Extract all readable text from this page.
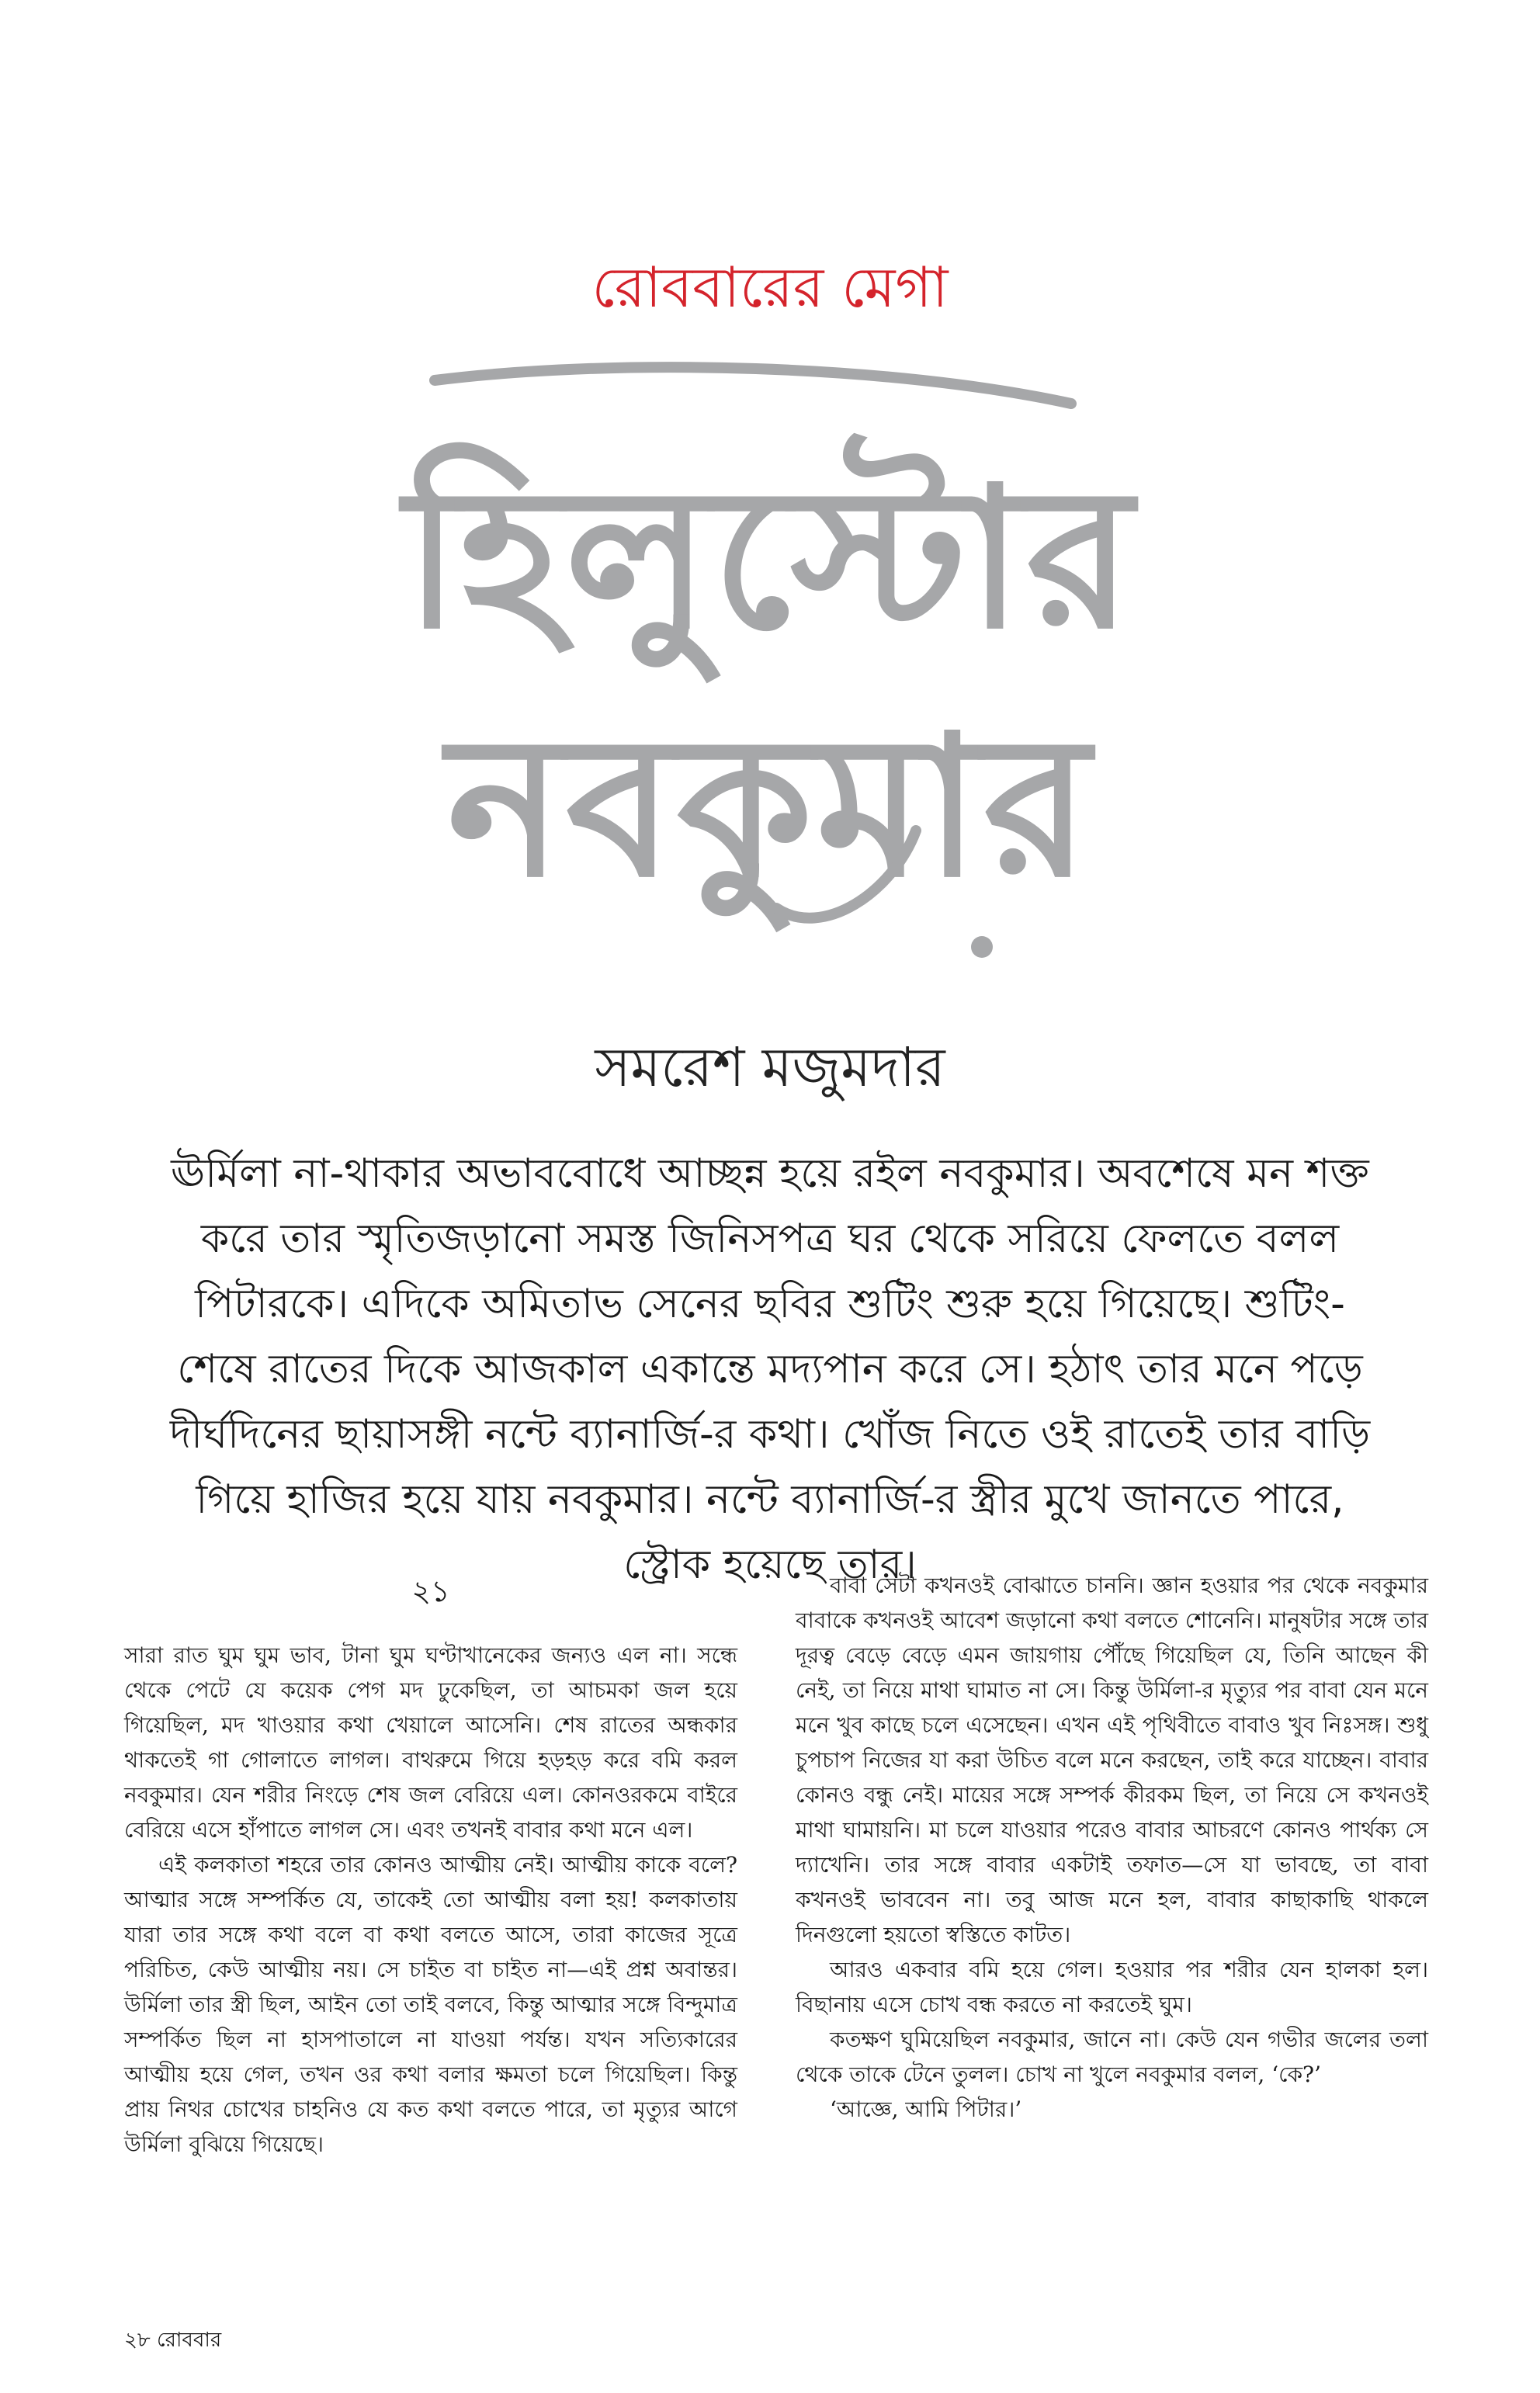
রোববারের মেগা
হিলুস্টোর
নবকুমার
সমরেশ মজুমদার
ঊর্মিলা না-থাকার অভাববোধে আচ্ছন্ন হয়ে রইল নবকুমার। অবশেষে মন শক্ত করে তার স্মৃতিজড়ানো সমস্ত জিনিসপত্র ঘর থেকে সরিয়ে ফেলতে বলল পিটারকে। এদিকে অমিতাভ সেনের ছবির শুটিং শুরু হয়ে গিয়েছে। শুটিং-শেষে রাতের দিকে আজকাল একান্তে মদ্যপান করে সে। হঠাৎ তার মনে পড়ে দীর্ঘদিনের ছায়াসঙ্গী নন্টে ব্যানার্জি-র কথা। খোঁজ নিতে ওই রাতেই তার বাড়ি গিয়ে হাজির হয়ে যায় নবকুমার। নন্টে ব্যানার্জি-র স্ত্রীর মুখে জানতে পারে, স্ট্রোক হয়েছে তার।

২১

সারা রাত ঘুম ঘুম ভাব, টানা ঘুম ঘণ্টাখানেকের জন্যও এল না। সন্ধে থেকে পেটে যে কয়েক পেগ মদ ঢুকেছিল, তা আচমকা জল হয়ে গিয়েছিল, মদ খাওয়ার কথা খেয়ালে আসেনি। শেষ রাতের অন্ধকার থাকতেই গা গোলাতে লাগল। বাথরুমে গিয়ে হড়হড় করে বমি করল নবকুমার। যেন শরীর নিংড়ে শেষ জল বেরিয়ে এল। কোনওরকমে বাইরে বেরিয়ে এসে হাঁপাতে লাগল সে। এবং তখনই বাবার কথা মনে এল।

এই কলকাতা শহরে তার কোনও আত্মীয় নেই। আত্মীয় কাকে বলে? আত্মার সঙ্গে সম্পর্কিত যে, তাকেই তো আত্মীয় বলা হয়! কলকাতায় যারা তার সঙ্গে কথা বলে বা কথা বলতে আসে, তারা কাজের সূত্রে পরিচিত, কেউ আত্মীয় নয়। সে চাইত বা চাইত না—এই প্রশ্ন অবান্তর। উর্মিলা তার স্ত্রী ছিল, আইন তো তাই বলবে, কিন্তু আত্মার সঙ্গে বিন্দুমাত্র সম্পর্কিত ছিল না হাসপাতালে না যাওয়া পর্যন্ত। যখন সত্যিকারের আত্মীয় হয়ে গেল, তখন ওর কথা বলার ক্ষমতা চলে গিয়েছিল। কিন্তু প্রায় নিথর চোখের চাহনিও যে কত কথা বলতে পারে, তা মৃত্যুর আগে উর্মিলা বুঝিয়ে গিয়েছে।

বাবা সেটা কখনওই বোঝাতে চাননি। জ্ঞান হওয়ার পর থেকে নবকুমার বাবাকে কখনওই আবেশ জড়ানো কথা বলতে শোনেনি। মানুষটার সঙ্গে তার দূরত্ব বেড়ে বেড়ে এমন জায়গায় পৌঁছে গিয়েছিল যে, তিনি আছেন কী নেই, তা নিয়ে মাথা ঘামাত না সে। কিন্তু উর্মিলা-র মৃত্যুর পর বাবা যেন মনে মনে খুব কাছে চলে এসেছেন। এখন এই পৃথিবীতে বাবাও খুব নিঃসঙ্গ। শুধু চুপচাপ নিজের যা করা উচিত বলে মনে করছেন, তাই করে যাচ্ছেন। বাবার কোনও বন্ধু নেই। মায়ের সঙ্গে সম্পর্ক কীরকম ছিল, তা নিয়ে সে কখনওই মাথা ঘামায়নি। মা চলে যাওয়ার পরেও বাবার আচরণে কোনও পার্থক্য সে দ্যাখেনি। তার সঙ্গে বাবার একটাই তফাত—সে যা ভাবছে, তা বাবা কখনওই ভাববেন না। তবু আজ মনে হল, বাবার কাছাকাছি থাকলে দিনগুলো হয়তো স্বস্তিতে কাটত।

আরও একবার বমি হয়ে গেল। হওয়ার পর শরীর যেন হালকা হল। বিছানায় এসে চোখ বন্ধ করতে না করতেই ঘুম।

কতক্ষণ ঘুমিয়েছিল নবকুমার, জানে না। কেউ যেন গভীর জলের তলা থেকে তাকে টেনে তুলল। চোখ না খুলে নবকুমার বলল, ‘কে?’

‘আজ্ঞে, আমি পিটার।’

২৮ রোববার
